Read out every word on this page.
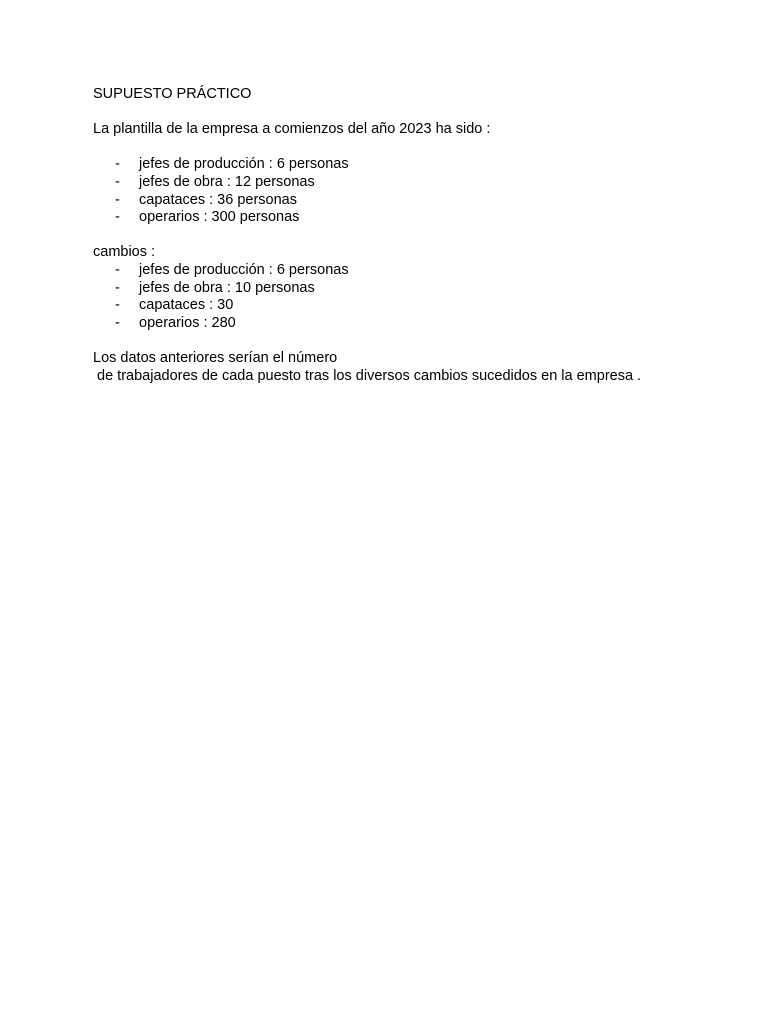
SUPUESTO PRÁCTICO
La plantilla de la empresa a comienzos del año 2023 ha sido :
- jefes de producción : 6 personas
- jefes de obra : 12 personas
- capataces : 36 personas
- operarios : 300 personas
cambios :
- jefes de producción : 6 personas
- jefes de obra : 10 personas
- capataces : 30
- operarios : 280
Los datos anteriores serían el número
de trabajadores de cada puesto tras los diversos cambios sucedidos en la empresa .
